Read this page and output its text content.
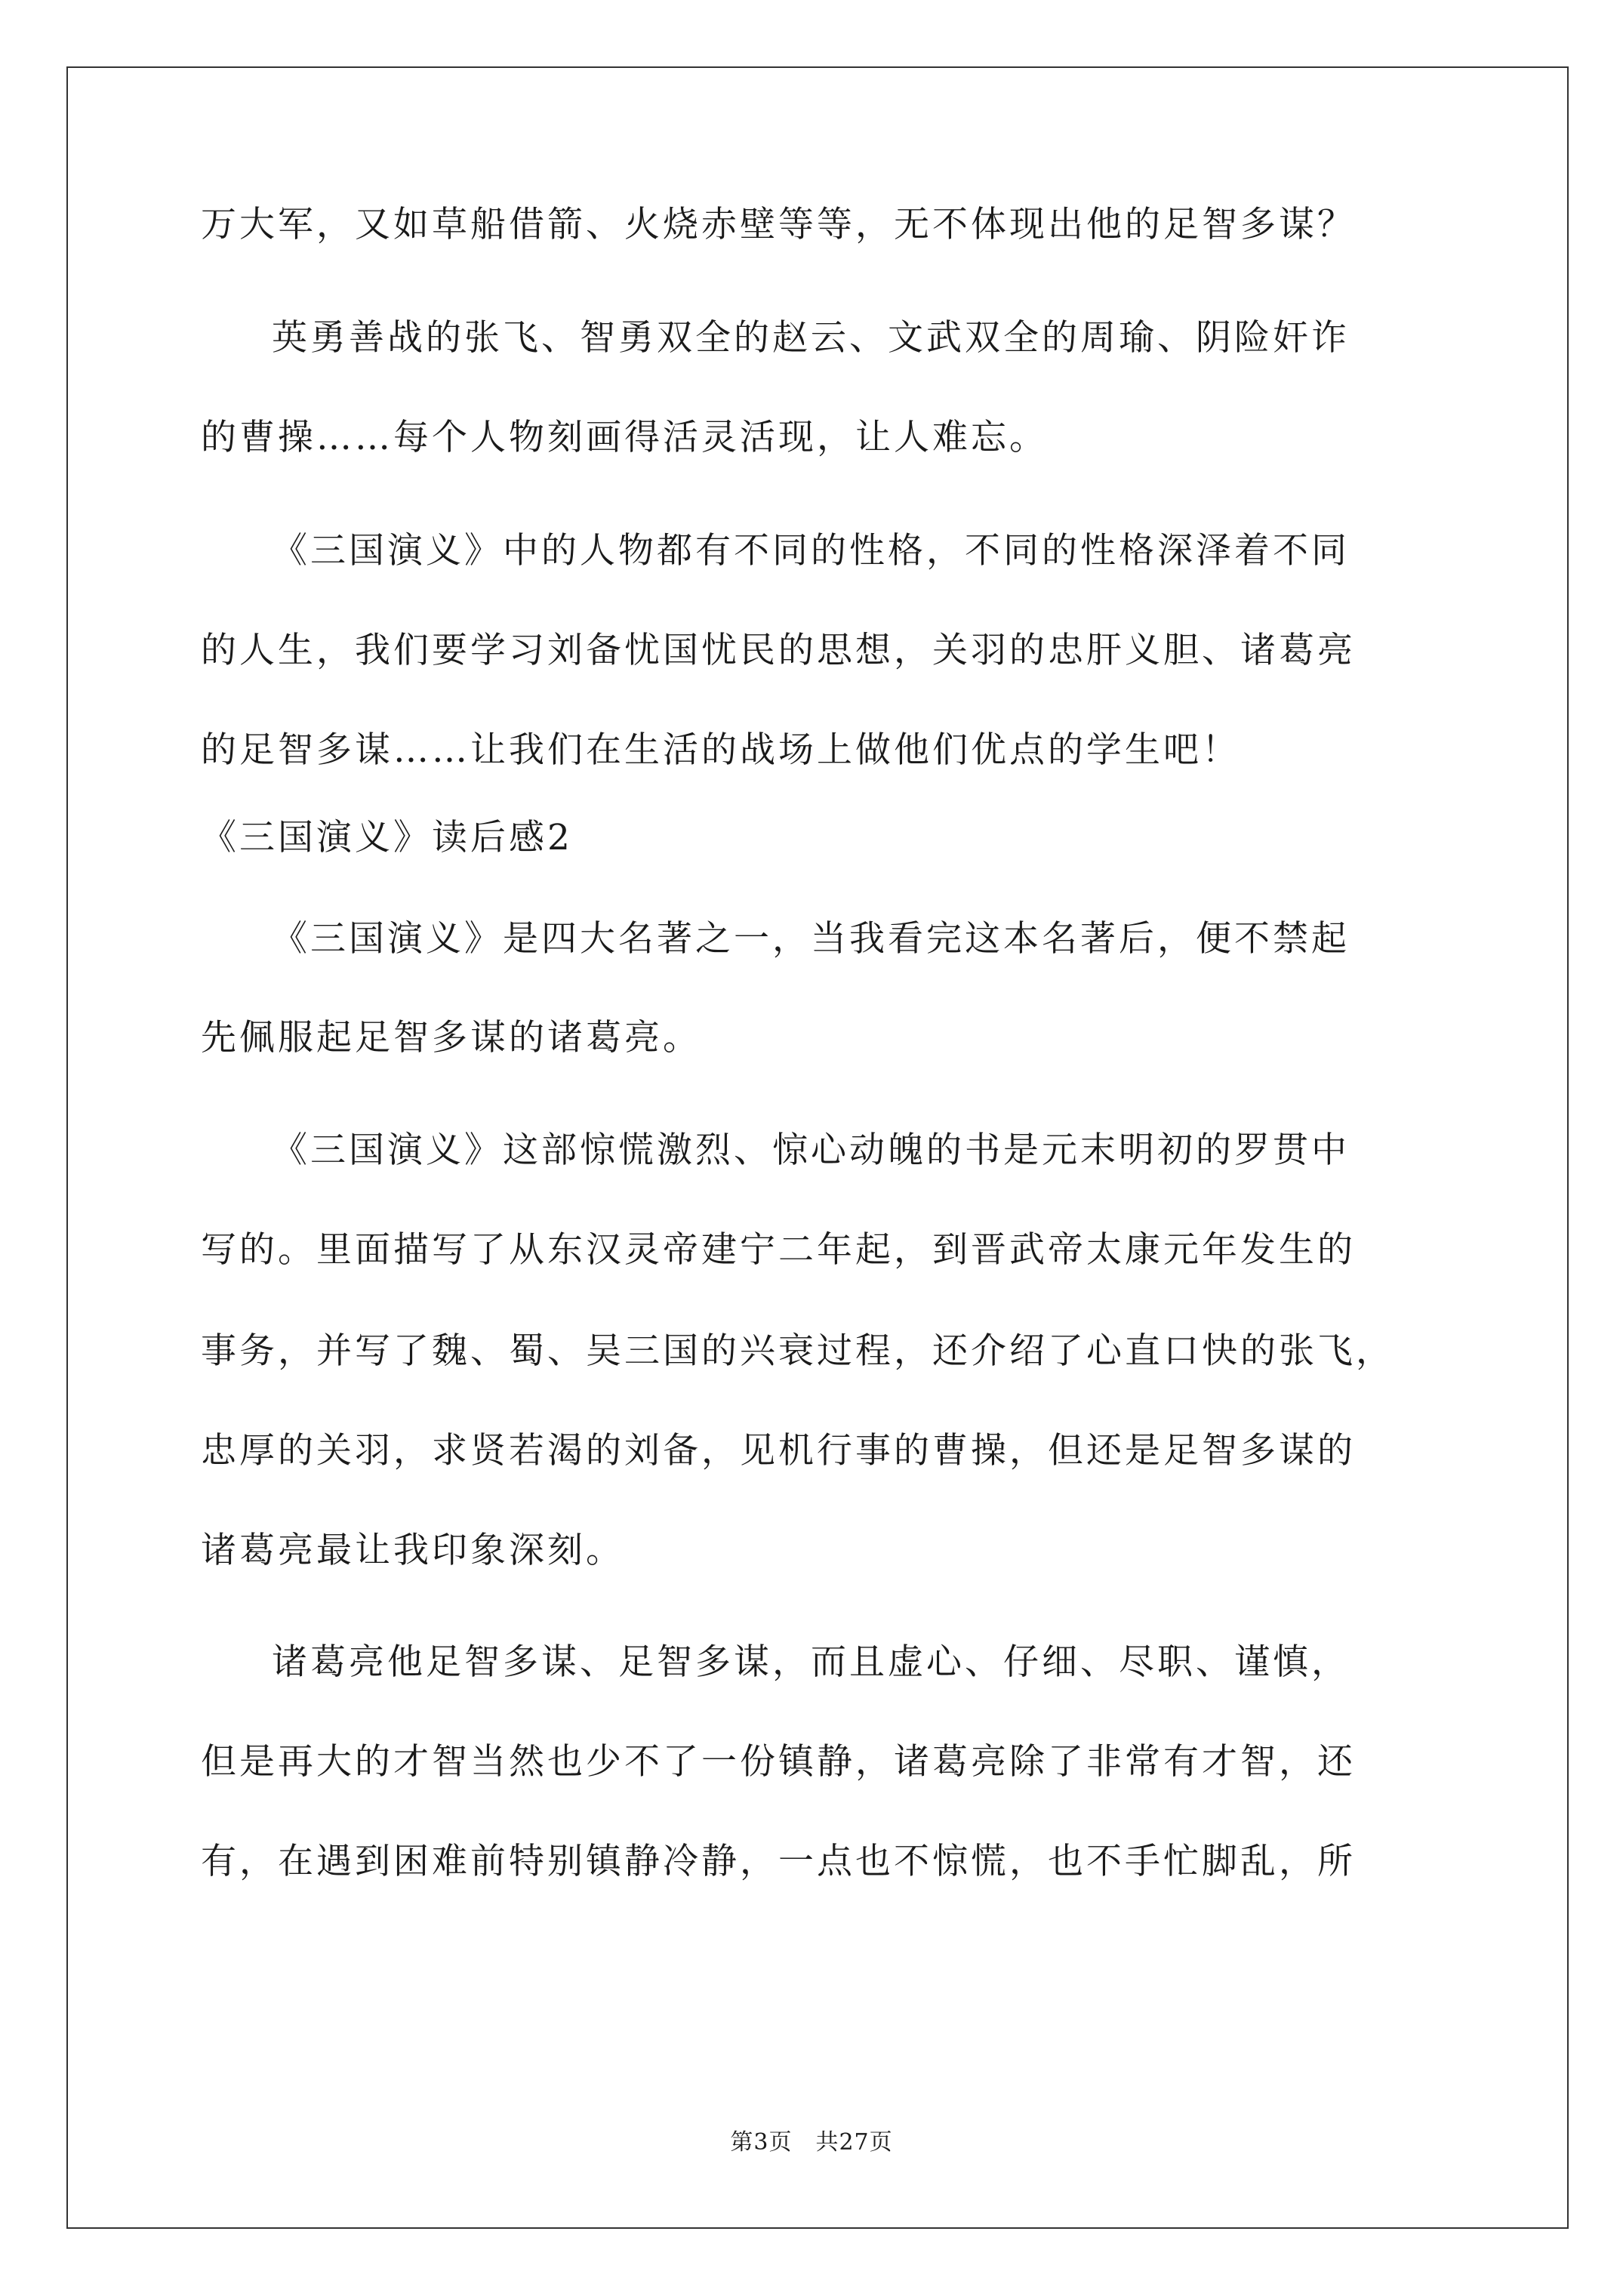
万大军，又如草船借箭、火烧赤壁等等，无不体现出他的足智多谋？
英勇善战的张飞、智勇双全的赵云、文武双全的周瑜、阴险奸诈
的曹操……每个人物刻画得活灵活现，让人难忘。
《三国演义》中的人物都有不同的性格，不同的性格深泽着不同
的人生，我们要学习刘备忧国忧民的思想，关羽的忠肝义胆、诸葛亮
的足智多谋……让我们在生活的战场上做他们优点的学生吧！
《三国演义》读后感2
《三国演义》是四大名著之一，当我看完这本名著后，便不禁起
先佩服起足智多谋的诸葛亮。
《三国演义》这部惊慌激烈、惊心动魄的书是元末明初的罗贯中
写的。里面描写了从东汉灵帝建宁二年起，到晋武帝太康元年发生的
事务，并写了魏、蜀、吴三国的兴衰过程，还介绍了心直口快的张飞，
忠厚的关羽，求贤若渴的刘备，见机行事的曹操，但还是足智多谋的
诸葛亮最让我印象深刻。
诸葛亮他足智多谋、足智多谋，而且虚心、仔细、尽职、谨慎，
但是再大的才智当然也少不了一份镇静，诸葛亮除了非常有才智，还
有，在遇到困难前特别镇静冷静，一点也不惊慌，也不手忙脚乱，所
第3页　共27页
